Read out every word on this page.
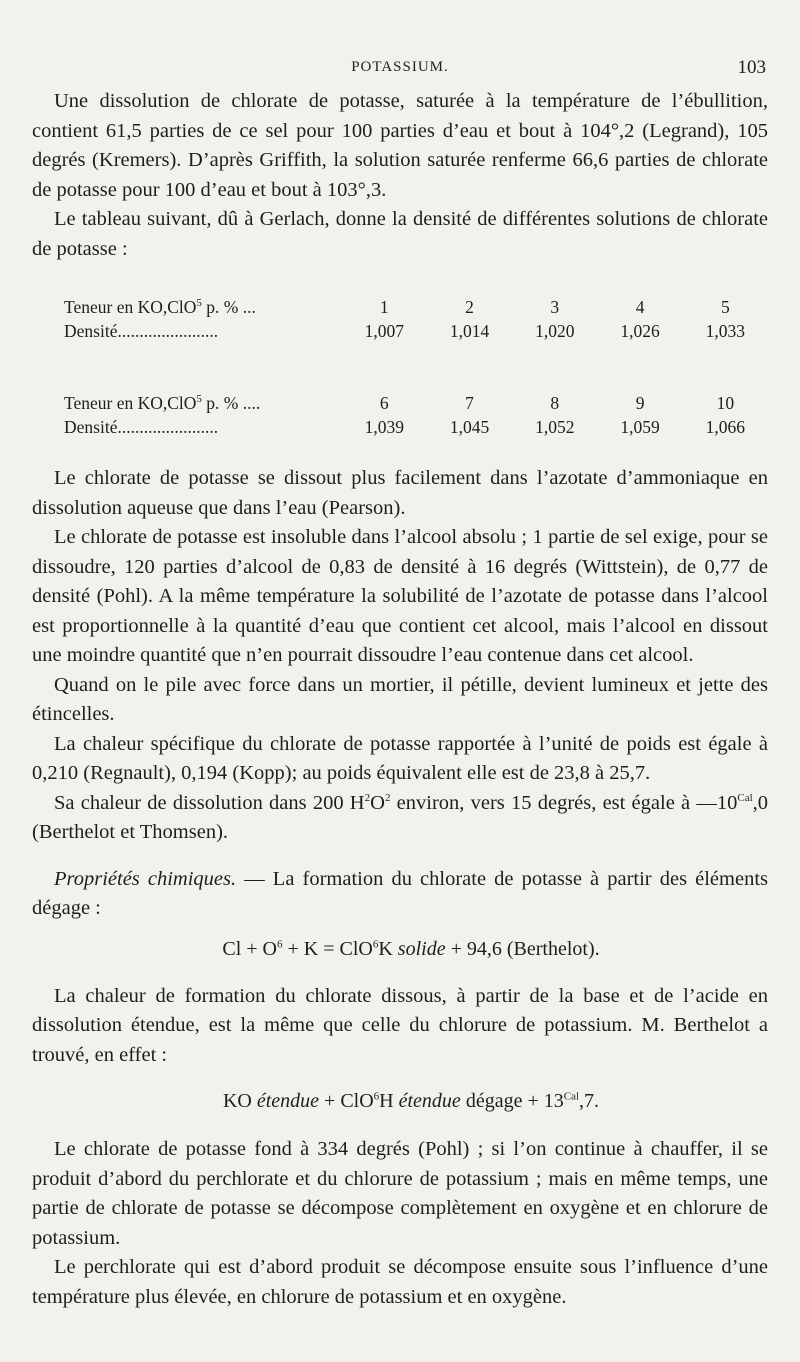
POTASSIUM.	103

Une dissolution de chlorate de potasse, saturée à la température de l’ébullition, contient 61,5 parties de ce sel pour 100 parties d’eau et bout à 104°,2 (Legrand), 105 degrés (Kremers). D’après Griffith, la solution saturée renferme 66,6 parties de chlorate de potasse pour 100 d’eau et bout à 103°,3.

Le tableau suivant, dû à Gerlach, donne la densité de différentes solutions de chlorate de potasse :

Teneur en KO,ClO$^5$ p. % ...	1	2	3	4	5
Densité.......................	1,007	1,014	1,020	1,026	1,033
Teneur en KO,ClO$^5$ p. % ....	6	7	8	9	10
Densité.......................	1,039	1,045	1,052	1,059	1,066

Le chlorate de potasse se dissout plus facilement dans l’azotate d’ammoniaque en dissolution aqueuse que dans l’eau (Pearson).

Le chlorate de potasse est insoluble dans l’alcool absolu ; 1 partie de sel exige, pour se dissoudre, 120 parties d’alcool de 0,83 de densité à 16 degrés (Wittstein), de 0,77 de densité (Pohl). A la même température la solubilité de l’azotate de potasse dans l’alcool est proportionnelle à la quantité d’eau que contient cet alcool, mais l’alcool en dissout une moindre quantité que n’en pourrait dissoudre l’eau contenue dans cet alcool.

Quand on le pile avec force dans un mortier, il pétille, devient lumineux et jette des étincelles.

La chaleur spécifique du chlorate de potasse rapportée à l’unité de poids est égale à 0,210 (Regnault), 0,194 (Kopp); au poids équivalent elle est de 23,8 à 25,7.

Sa chaleur de dissolution dans 200 $H^2O^2$ environ, vers 15 degrés, est égale à $—10^{Cal},0$ (Berthelot et Thomsen).

Propriétés chimiques. — La formation du chlorate de potasse à partir des éléments dégage :

$Cl + O^6 + K = ClO^6K$ solide + 94,6 (Berthelot).

La chaleur de formation du chlorate dissous, à partir de la base et de l’acide en dissolution étendue, est la même que celle du chlorure de potassium. M. Berthelot a trouvé, en effet :

KO étendue + ClO$^6$H étendue dégage + $13^{Cal},7$.

Le chlorate de potasse fond à 334 degrés (Pohl) ; si l’on continue à chauffer, il se produit d’abord du perchlorate et du chlorure de potassium ; mais en même temps, une partie de chlorate de potasse se décompose complètement en oxygène et en chlorure de potassium.

Le perchlorate qui est d’abord produit se décompose ensuite sous l’influence d’une température plus élevée, en chlorure de potassium et en oxygène.
